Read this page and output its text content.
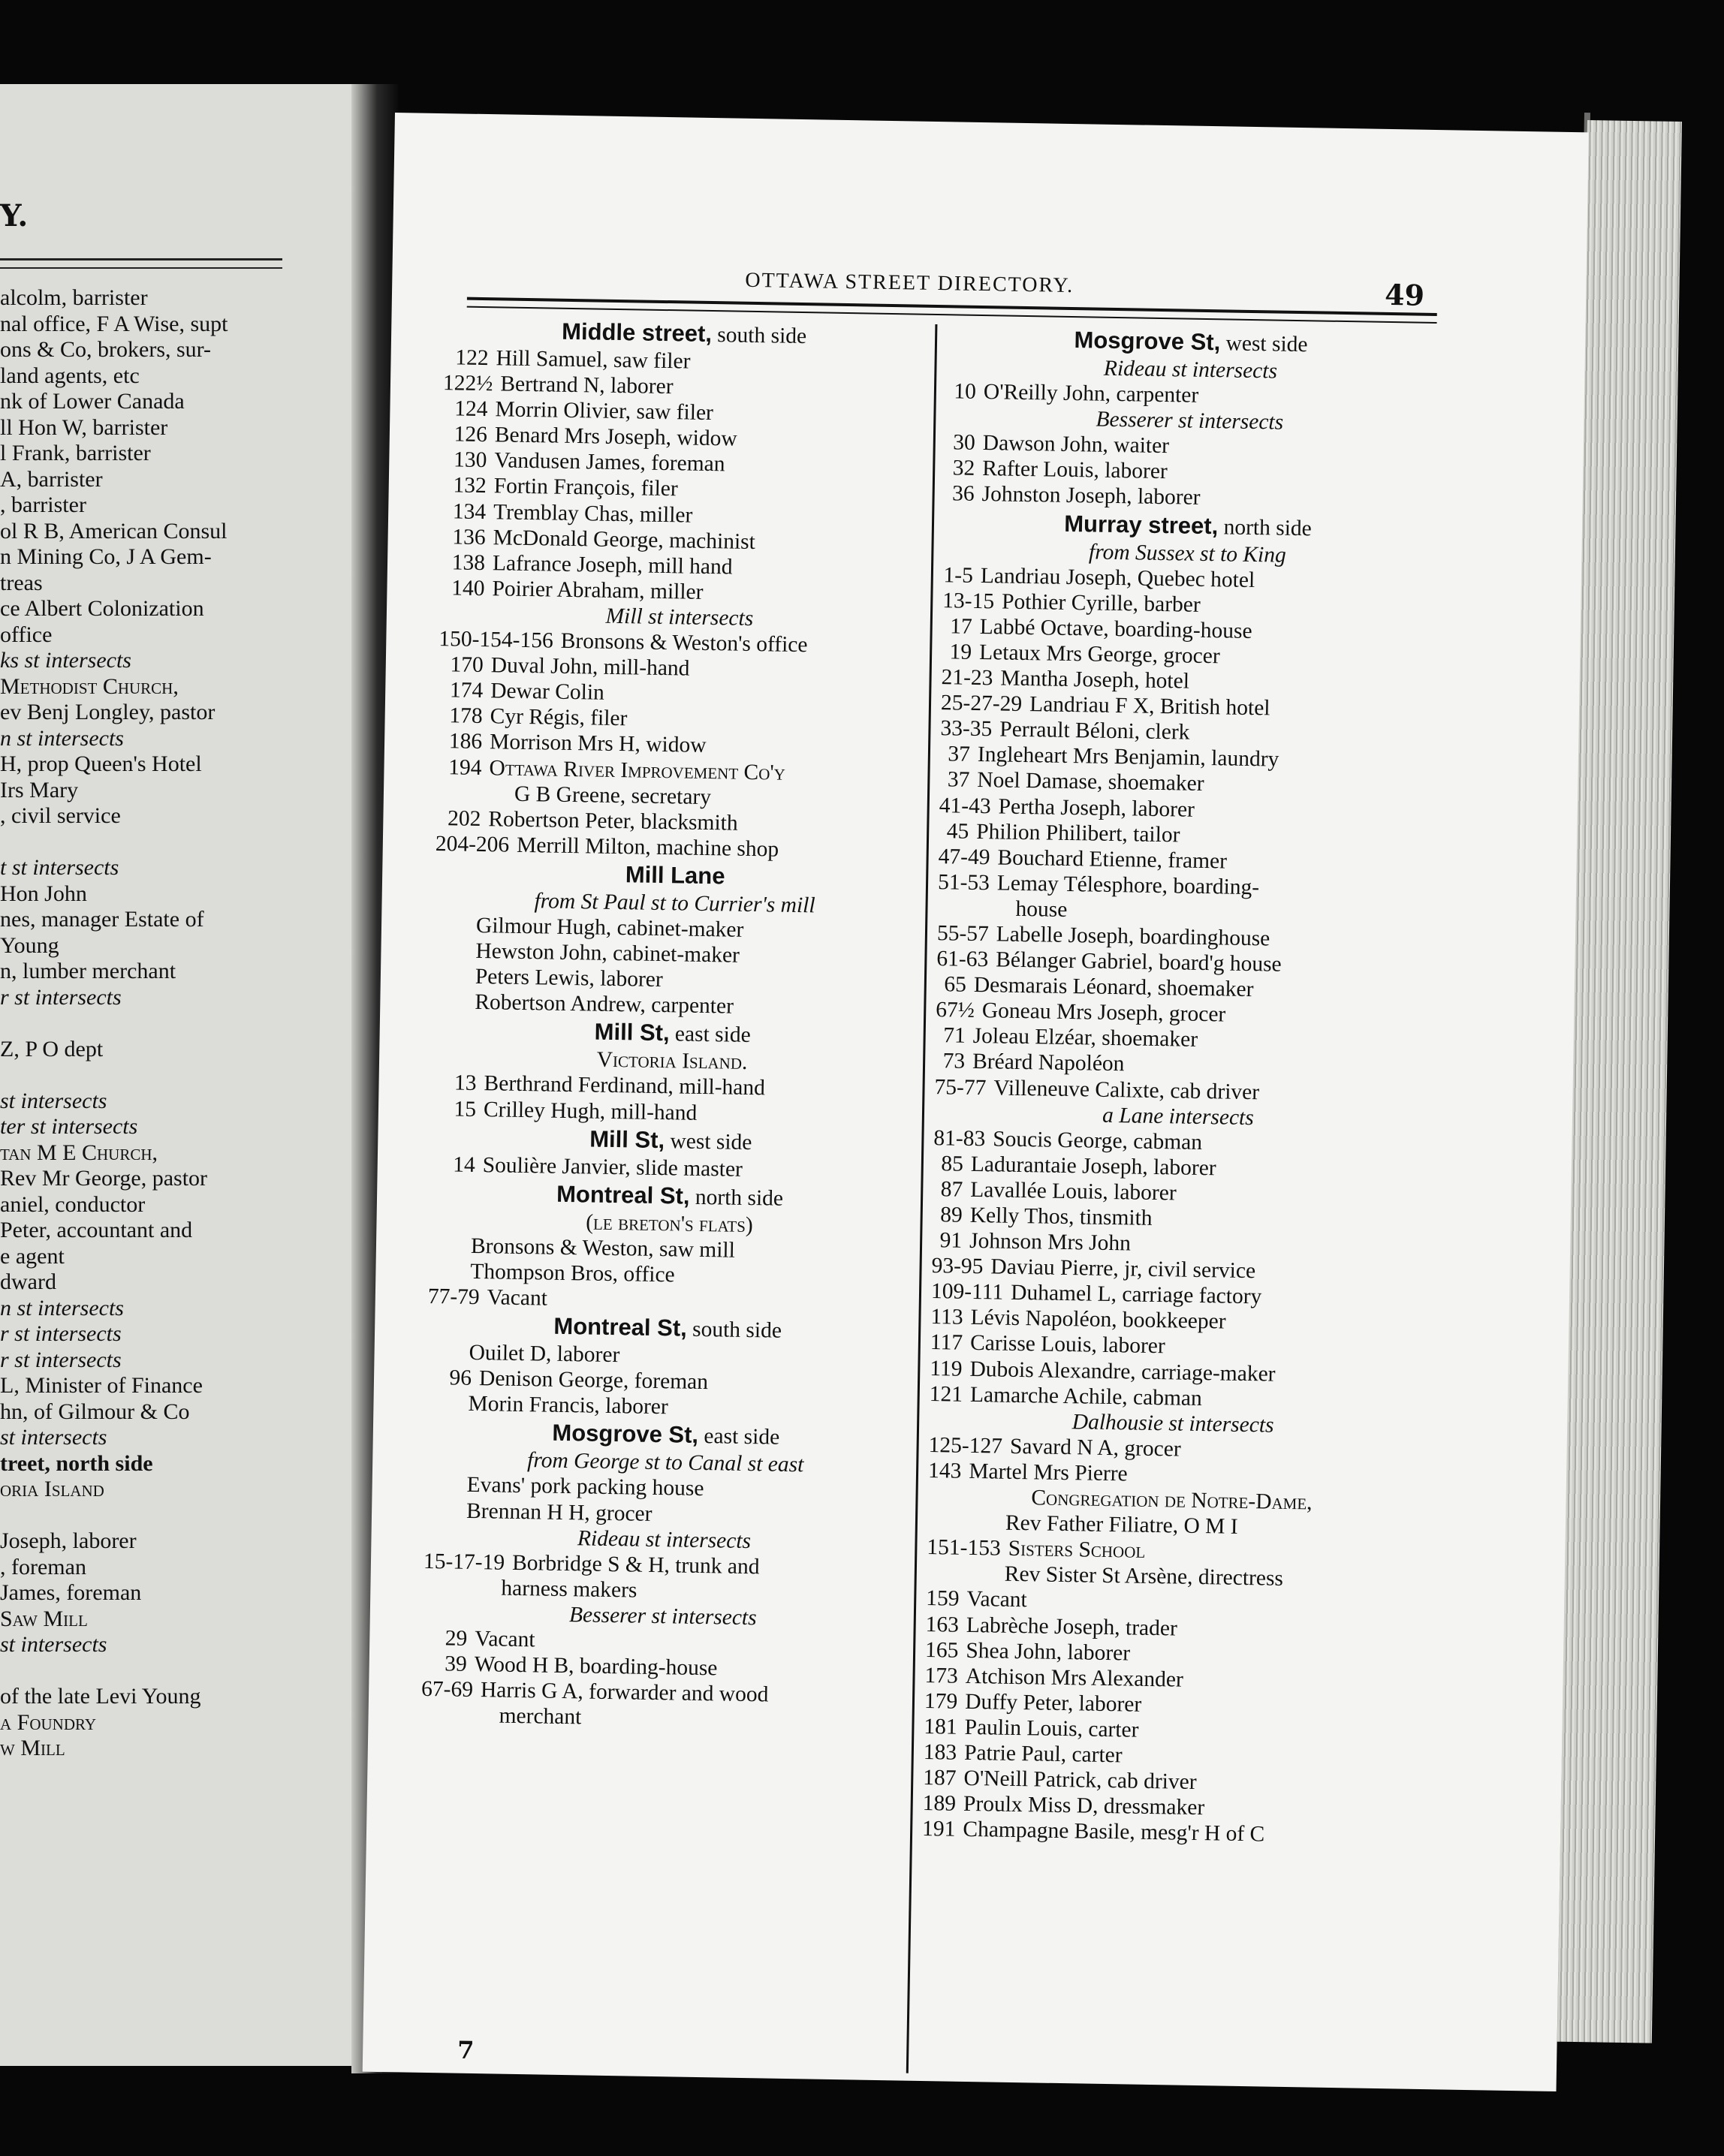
Y.
alcolm, barrister
nal office, F A Wise, supt
ons & Co, brokers, sur-
land agents, etc
nk of Lower Canada
ll Hon W, barrister
l Frank, barrister
A, barrister
, barrister
ol R B, American Consul
n Mining Co, J A Gem-
treas
ce Albert Colonization
office
ks st intersects
Methodist Church,
ev Benj Longley, pastor
n st intersects
H, prop Queen's Hotel
Irs Mary
, civil service

t st intersects
Hon John
nes, manager Estate of
Young
n, lumber merchant
r st intersects

Z, P O dept

st intersects
ter st intersects
tan M E Church,
Rev Mr George, pastor
aniel, conductor
Peter, accountant and
e agent
dward
n st intersects
r st intersects
r st intersects
L, Minister of Finance
hn, of Gilmour & Co
st intersects
treet, north side
oria Island

Joseph, laborer
, foreman
James, foreman
Saw Mill
st intersects

of the late Levi Young
a Foundry
w Mill
OTTAWA STREET DIRECTORY.	49
Middle street, south side
122 Hill Samuel, saw filer
122½ Bertrand N, laborer
124 Morrin Olivier, saw filer
126 Benard Mrs Joseph, widow
130 Vandusen James, foreman
132 Fortin François, filer
134 Tremblay Chas, miller
136 McDonald George, machinist
138 Lafrance Joseph, mill hand
140 Poirier Abraham, miller
Mill st intersects
150-154-156 Bronsons & Weston's office
170 Duval John, mill-hand
174 Dewar Colin
178 Cyr Régis, filer
186 Morrison Mrs H, widow
194 Ottawa River Improvement Co'y
G B Greene, secretary
202 Robertson Peter, blacksmith
204-206 Merrill Milton, machine shop
Mill Lane
from St Paul st to Currier's mill
Gilmour Hugh, cabinet-maker
Hewston John, cabinet-maker
Peters Lewis, laborer
Robertson Andrew, carpenter
Mill St, east side
Victoria Island.
13 Berthrand Ferdinand, mill-hand
15 Crilley Hugh, mill-hand
Mill St, west side
14 Soulière Janvier, slide master
Montreal St, north side
(le breton's flats)
Bronsons & Weston, saw mill
Thompson Bros, office
77-79 Vacant
Montreal St, south side
Ouilet D, laborer
96 Denison George, foreman
Morin Francis, laborer
Mosgrove St, east side
from George st to Canal st east
Evans' pork packing house
Brennan H H, grocer
Rideau st intersects
15-17-19 Borbridge S & H, trunk and
harness makers
Besserer st intersects
29 Vacant
39 Wood H B, boarding-house
67-69 Harris G A, forwarder and wood
merchant
Mosgrove St, west side
Rideau st intersects
10 O'Reilly John, carpenter
Besserer st intersects
30 Dawson John, waiter
32 Rafter Louis, laborer
36 Johnston Joseph, laborer
Murray street, north side
from Sussex st to King
1-5 Landriau Joseph, Quebec hotel
13-15 Pothier Cyrille, barber
17 Labbé Octave, boarding-house
19 Letaux Mrs George, grocer
21-23 Mantha Joseph, hotel
25-27-29 Landriau F X, British hotel
33-35 Perrault Béloni, clerk
37 Ingleheart Mrs Benjamin, laundry
37 Noel Damase, shoemaker
41-43 Pertha Joseph, laborer
45 Philion Philibert, tailor
47-49 Bouchard Etienne, framer
51-53 Lemay Télesphore, boarding-
house
55-57 Labelle Joseph, boardinghouse
61-63 Bélanger Gabriel, board'g house
65 Desmarais Léonard, shoemaker
67½ Goneau Mrs Joseph, grocer
71 Joleau Elzéar, shoemaker
73 Bréard Napoléon
75-77 Villeneuve Calixte, cab driver
a Lane intersects
81-83 Soucis George, cabman
85 Ladurantaie Joseph, laborer
87 Lavallée Louis, laborer
89 Kelly Thos, tinsmith
91 Johnson Mrs John
93-95 Daviau Pierre, jr, civil service
109-111 Duhamel L, carriage factory
113 Lévis Napoléon, bookkeeper
117 Carisse Louis, laborer
119 Dubois Alexandre, carriage-maker
121 Lamarche Achile, cabman
Dalhousie st intersects
125-127 Savard N A, grocer
143 Martel Mrs Pierre
Congregation de Notre-Dame,
Rev Father Filiatre, O M I
151-153 Sisters School
Rev Sister St Arsène, directress
159 Vacant
163 Labrèche Joseph, trader
165 Shea John, laborer
173 Atchison Mrs Alexander
179 Duffy Peter, laborer
181 Paulin Louis, carter
183 Patrie Paul, carter
187 O'Neill Patrick, cab driver
189 Proulx Miss D, dressmaker
191 Champagne Basile, mesg'r H of C
7
